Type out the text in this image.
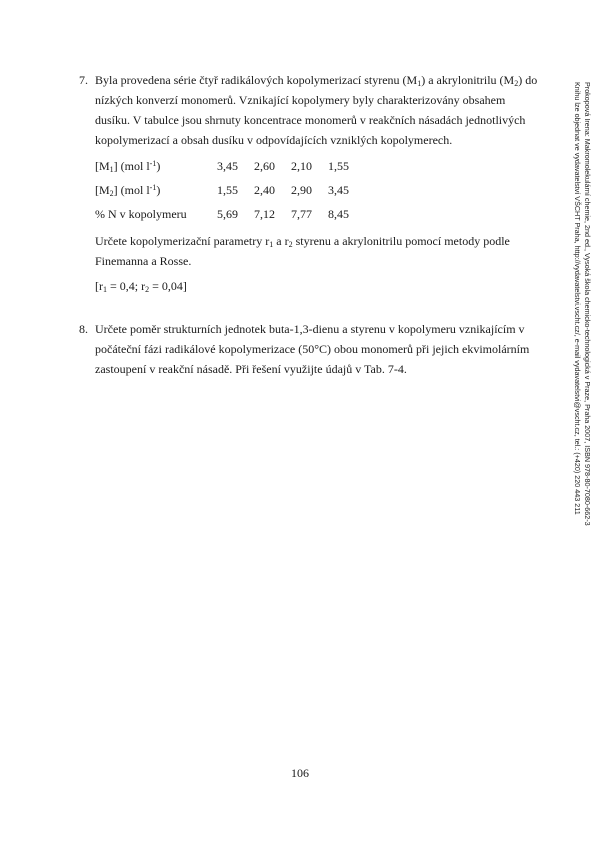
7. Byla provedena série čtyř radikálových kopolymerizací styrenu $(M_1)$ a akrylonitrilu $(M_2)$ do nízkých konverzí monomerů. Vznikající kopolymery byly charakterizovány obsahem dusíku. V tabulce jsou shrnuty koncentrace monomerů v reakčních násadách jednotlivých kopolymerizací a obsah dusíku v odpovídajících vzniklých kopolymerech.

$[M_1]$ (mol $l^{-1}$)	3,45	2,60	2,10	1,55
$[M_2]$ (mol $l^{-1}$)	1,55	2,40	2,90	3,45
% N v kopolymeru	5,69	7,12	7,77	8,45

Určete kopolymerizační parametry $r_1$ a $r_2$ styrenu a akrylonitrilu pomocí metody podle Finemanna a Rosse.

[$r_1 = 0,4$; $r_2 = 0,04$]

8. Určete poměr strukturních jednotek buta-1,3-dienu a styrenu v kopolymeru vznikajícím v počáteční fázi radikálové kopolymerizace (50°C) obou monomerů při jejich ekvimolárním zastoupení v reakční násadě. Při řešení využijte údajů v Tab. 7-4.	Prokopová Irena: Makromolekulární chemie, 2nd ed., Vysoká škola chemicko-technologická v Praze, Praha 2007, ISBN 978-80-7080-662-3
Knihu lze objednat ve vydavatelství VŠCHT Praha, http://vydavatelstvi.vscht.cz/, e-mail vydavatelstvi@vscht.cz, tel.: (+420) 220 443 211
106
